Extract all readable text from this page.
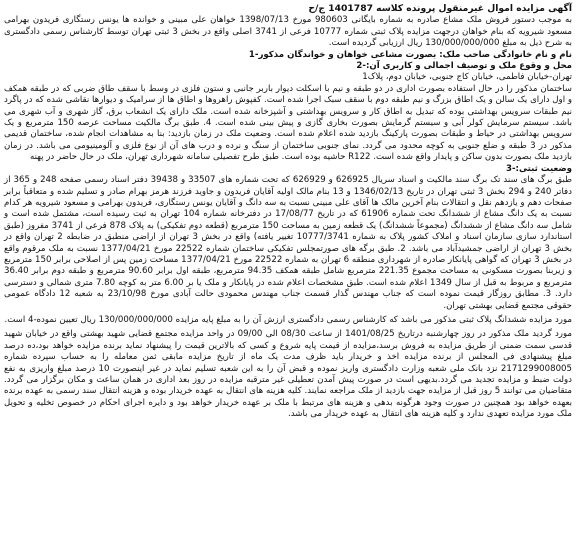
آگهی مزایده اموال غیرمنقول پرونده کلاسه 1401787 ج/ح

به موجب دستور فروش ملک مشاع صادره به شماره بایگانی 980603 مورخ 1398/07/13 خواهان علی مبینی و خوانده ها یونس رستگاری فریدون بهرامی مسعود شیرویه که بنام خواهان درجهت مزایده پلاک ثبتی شماره 10777 فرعی از 3741 اصلی واقع در بخش 3 ثبتی تهران توسط کارشناس رسمی دادگستری به شرح ذیل به مبلغ 130/000/000/000 ریال ارزیابی گردیده است.

نام و نام خانوادگی صاحب ملک: بصورت مشاعی خواهان و خواندگان مذکور-1
محل و وقوع ملک و توصیف اجمالی و کاربری آن:-2
تهران-خیابان فاطمی، خیابان کاج جنوبی، خیابان دوم، پلاک1

ساختمان مذکور را در حال استفاده بصورت اداری در دو طبقه و نیم با اسکلت دیوار باربر جانبی و ستون فلزی در وسط با سقف طاق ضربی که در طبقه همکف و اول دارای یک سالن و یک اطاق بزرگ و نیم طبقه دوم با سقف سبک اجرا شده است. کفپوش راهروها و اطاق ها از سرامیک و دیوارها نقاشی شده که در پاگرد نیم طبقات سرویس بهداشتی بوده که تبدیل به اطاق کار و سرویس بهداشتی و آشپزخانه شده است. ملک دارای یک انشعاب برق، گاز شهری و آب شهری می باشد. سیستم سرمایش کولر آبی و سیستم گرمایش بصورت بخاری گازی و پیش بینی شده است. 4. طبق برگ مالکیت مساحت عرصه 150 مترمربع و یک سرویس بهداشتی در حیاط و طبقات بصورت پارکینگ بازدید شده اعلام شده است. وضعیت ملک در زمان بازدید: بنا به مشاهدات انجام شده، ساختمان قدیمی مذکور در 3 طبقه و ضلع جنوبی به کوچه محدود می گردد. نمای جنوبی ساختمان از سنگ و نرده و درب های آن از نوع فلزی و آلومینیومی می باشد. در زمان بازدید ملک بصورت بدون ساکن و پایدار واقع شده است. R122 حاشیه بوده است. طبق طرح تفصیلی سامانه شهرداری تهران، ملک در حال حاضر در پهنه

وضعیت ثبتی:-3

طبق برگ های سند تک برگ سند مالکیت و اسناد سریال 626925 و 626929 که تحت شماره های 33507 و 39438 دفتر اسناد رسمی صفحه 248 و 365 از دفاتر 240 و 294 بخش 3 ثبتی تهران در تاریخ 1346/02/13 و 13 بنام مالک اولیه آقایان فریدون و جاوید فرزند هرمز بهرام صادر و تسلیم شده و متعاقباً برابر صفحات دهم و یازدهم نقل و انتقالات بنام آخرین مالک ها آقای علی مبینی نسبت به سه دانگ و آقایان یونس رستگاری، فریدون بهرامی و مسعود شیرویه هر کدام نسبت به یک دانگ مشاع از ششدانگ تحت شماره 61906 که در تاریخ 17/08/77 در دفترخانه شماره 104 تهران به ثبت رسیده است، مشتمل شده است و شامل سه دانگ مشاع از ششدانگ (مجموعاً ششدانگ) یک قطعه زمین به مساحت 150 مترمربع (قطعه دوم تفکیکی) به پلاک 878 فرعی از 3741 مفروز (طبق استاندارد سازی سازمان اسناد و املاک کشور پلاک به شماره 10777/3741 تغییر یافته) واقع در بخش 3 تهران از اراضی منطبق در ضابطه 2 تهران واقع در بخش 3 تهران از اراضی جمشیدآباد می باشد. 2. طبق برگه های صورتمجلس تفکیکی ساختمان شماره 22522 مورخ 1377/04/21 نسبت به ملک مرقوم واقع در بخش 3 تهران که گواهی پایانکار صادره از شهرداری منطقه 6 تهران به شماره 22522 مورخ 1377/04/21 مساحت زمین پس از اصلاحی برابر 150 مترمربع و زیربنا بصورت مسکونی به مساحت مجموع 221.35 مترمربع شامل طبقه همکف 94.35 مترمربع، طبقه اول برابر 90.60 مترمربع و طبقه دوم برابر 36.40 مترمربع و مربوط به قبل از سال 1349 اعلام شده است. طبق مشخصات اعلام شده در پایانکار و ملک یا بر 6.00 متر به کوچه 7.80 متری شمالی و دسترسی دارد. 3. مطابق روزگار قیمت نموده است که جناب مهندس گذار قسمت جناب مهندس محمودی حالت آبادی مورخ 23/10/98 به شعبه 12 دادگاه عمومی حقوقی مجتمع قضایی بهشتی تهران.

مورد مزایده ششدانگ پلاک ثبتی مذکور می باشد که کارشناس رسمی دادگستری ارزش آن را به مبلغ پایه مزایده 130/000/000/000 ریال تعیین نموده-4 است.

مورد گردید ملک مذکور در روز چهارشنبه درتاریخ 1401/08/25 از ساعت 08/30 الی 09/00 در واحد مزایده مجتمع قضایی شهید بهشتی واقع در خیابان شهید قدسی سمت ضمنی از طریق مزایده به فروش برسد،مزایده از قیمت پایه شروع و کسی که بالاترین قیمت را پیشنهاد نماید برنده مزایده خواهد بود،ده درصد مبلغ پیشنهادی فی المجلس از برنده مزایده اخذ و خریدار باید ظرف مدت یک ماه از تاریخ مزایده مابقی ثمن معامله را به حساب سپرده شماره 2171299008005 نزد بانک ملی شعبه وزارت دادگستری واریز نموده و قبض آن را به این شعبه تسلیم نماید در غیر اینصورت 10 درصد مبلغ واریزی به نفع دولت ضبط و مزایده تجدید می گردد.بدیهی است در صورت پیش آمدن تعطیلی غیر مترقبه مزایده در روز بعد اداری در همان ساعت و مکان برگزار می گردد. متقاضیان می توانند 5 روز قبل از مزایده جهت بازدید از ملک مراجعه نمایند. کلیه هزینه های انتقال به عهده خریدار بوده و هزینه انتقال سند رسمی به عهده برنده بعهده خواهد بود همچنین در صورت وجود هرگونه بدهی و هزینه های مرتبط با ملک بر عهده خریدار خواهد بود و دایره اجرای احکام در خصوص تخلیه و تحویل ملک مورد مزایده تعهدی ندارد و کلیه هزینه های انتقال به عهده خریدار می باشد.
